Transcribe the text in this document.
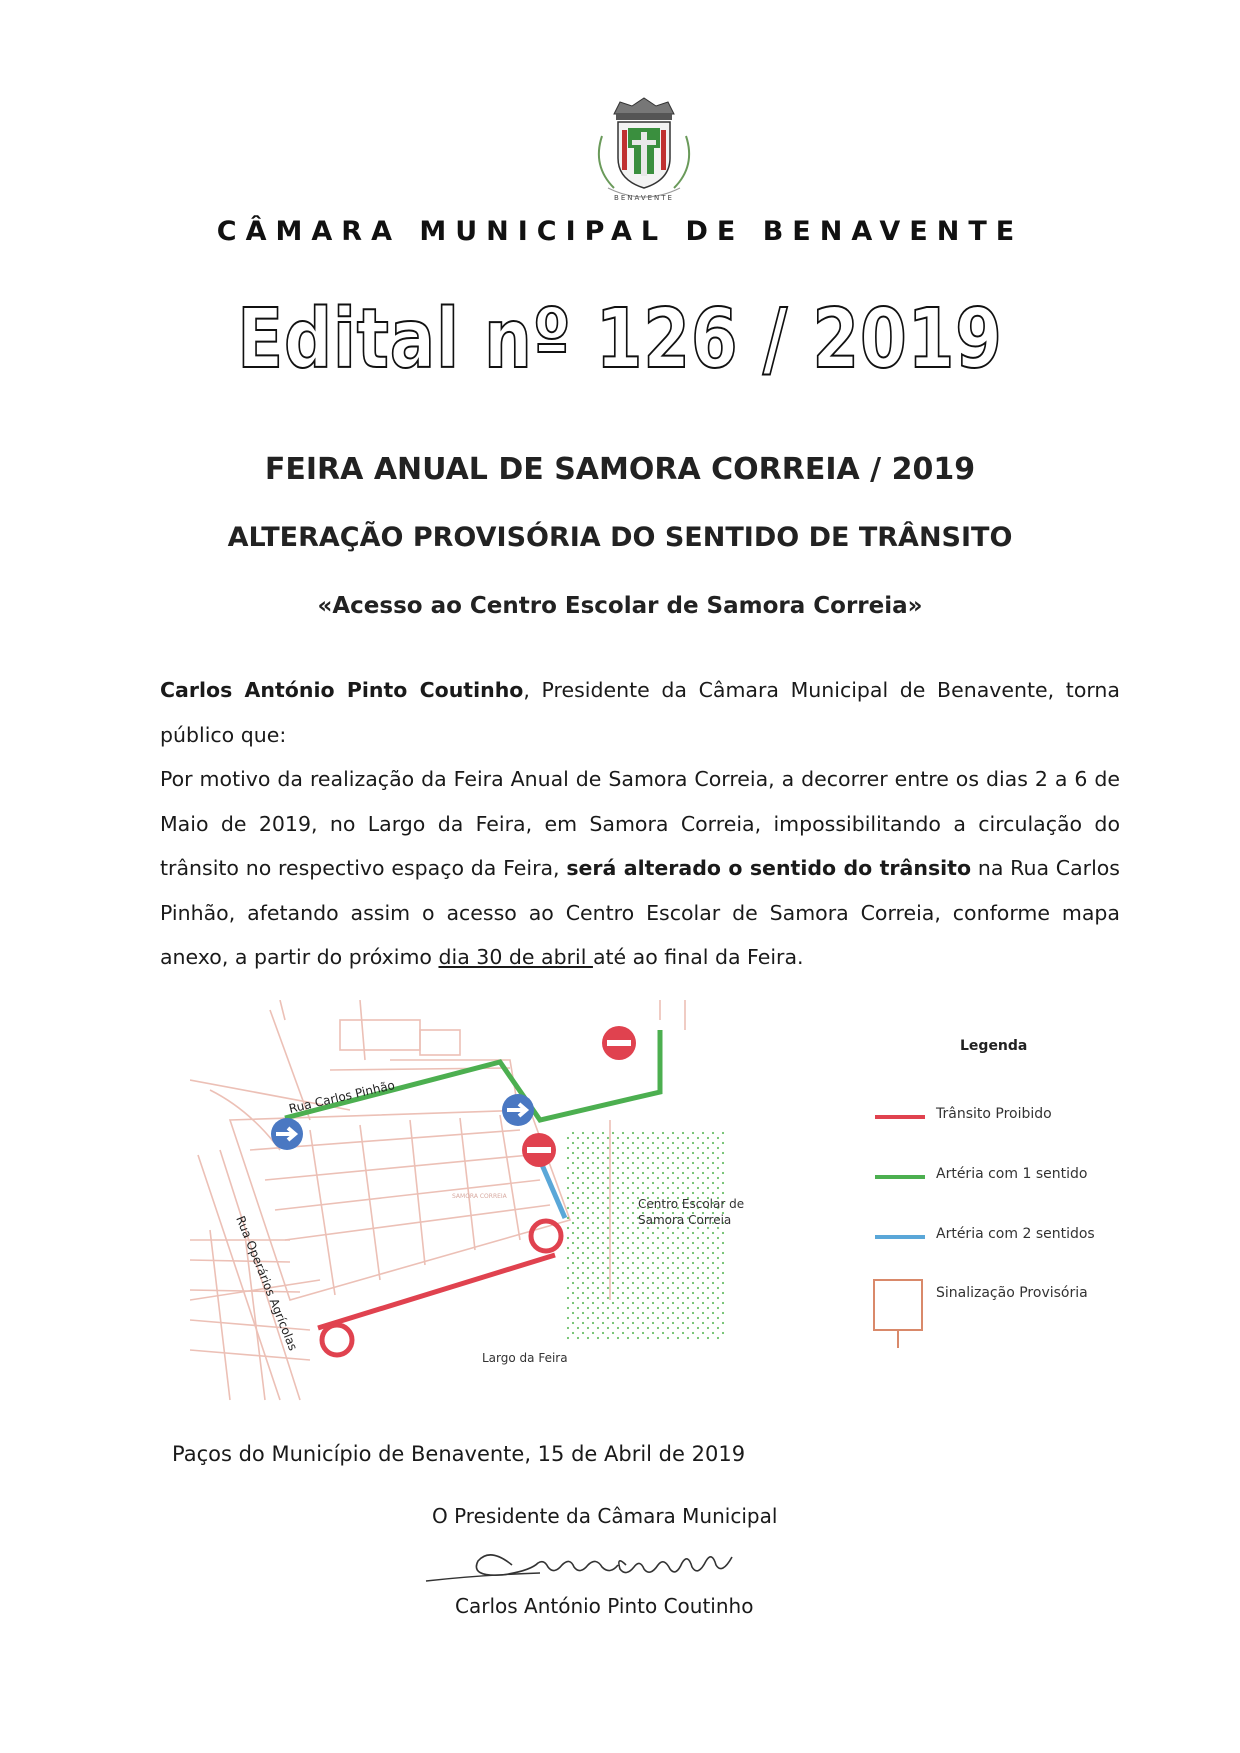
BENAVENTE
CÂMARA MUNICIPAL DE BENAVENTE
Edital nº 126 / 2019
FEIRA ANUAL DE SAMORA CORREIA / 2019
ALTERAÇÃO PROVISÓRIA DO SENTIDO DE TRÂNSITO
«Acesso ao Centro Escolar de Samora Correia»
Carlos António Pinto Coutinho, Presidente da Câmara Municipal de Benavente, torna público que:
Por motivo da realização da Feira Anual de Samora Correia, a decorrer entre os dias 2 a 6 de Maio de 2019, no Largo da Feira, em Samora Correia, impossibilitando a circulação do trânsito no respectivo espaço da Feira, será alterado o sentido do trânsito na Rua Carlos Pinhão, afetando assim o acesso ao Centro Escolar de Samora Correia, conforme mapa anexo, a partir do próximo dia 30 de abril até ao final da Feira.
Rua Carlos Pinhão
Rua Operários Agrícolas
Centro Escolar de
Samora Correia
Largo da Feira
SAMORA CORREIA
Legenda
Trânsito Proibido
Artéria com 1 sentido
Artéria com 2 sentidos
Sinalização Provisória
Paços do Município de Benavente, 15 de Abril de 2019
O Presidente da Câmara Municipal
Carlos António Pinto Coutinho
